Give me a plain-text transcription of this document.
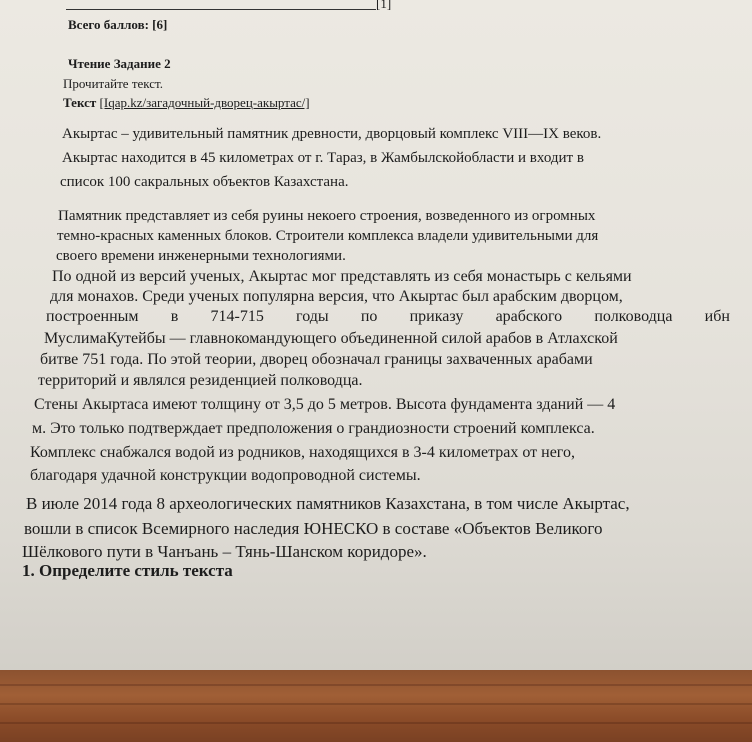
[1]
Всего баллов: [6]
Чтение Задание 2
Прочитайте текст.
Текст [Iqap.kz/загадочный-дворец-акыртас/]
Акыртас – удивительный памятник древности, дворцовый комплекс VIII—IX веков.
Акыртас находится в 45 километрах от г. Тараз, в Жамбылскойобласти и входит в
список 100 сакральных объектов Казахстана.
Памятник представляет из себя руины некоего строения, возведенного из огромных
темно-красных каменных блоков. Строители комплекса владели удивительными для
своего времени инженерными технологиями.
По одной из версий ученых, Акыртас мог представлять из себя монастырь с кельями
для монахов. Среди ученых популярна версия, что Акыртас был арабским дворцом,
построенным в 714-715 годы по приказу арабского полководца ибн
МуслимаКутейбы — главнокомандующего объединенной силой арабов в Атлахской
битве 751 года. По этой теории, дворец обозначал границы захваченных арабами
территорий и являлся резиденцией полководца.
Стены Акыртаса имеют толщину от 3,5 до 5 метров. Высота фундамента зданий — 4
м. Это только подтверждает предположения о грандиозности строений комплекса.
Комплекс снабжался водой из родников, находящихся в 3-4 километрах от него,
благодаря удачной конструкции водопроводной системы.
В июле 2014 года 8 археологических памятников Казахстана, в том числе Акыртас,
вошли в список Всемирного наследия ЮНЕСКО в составе «Объектов Великого
Шёлкового пути в Чанъань – Тянь-Шанском коридоре».
1. Определите стиль текста
